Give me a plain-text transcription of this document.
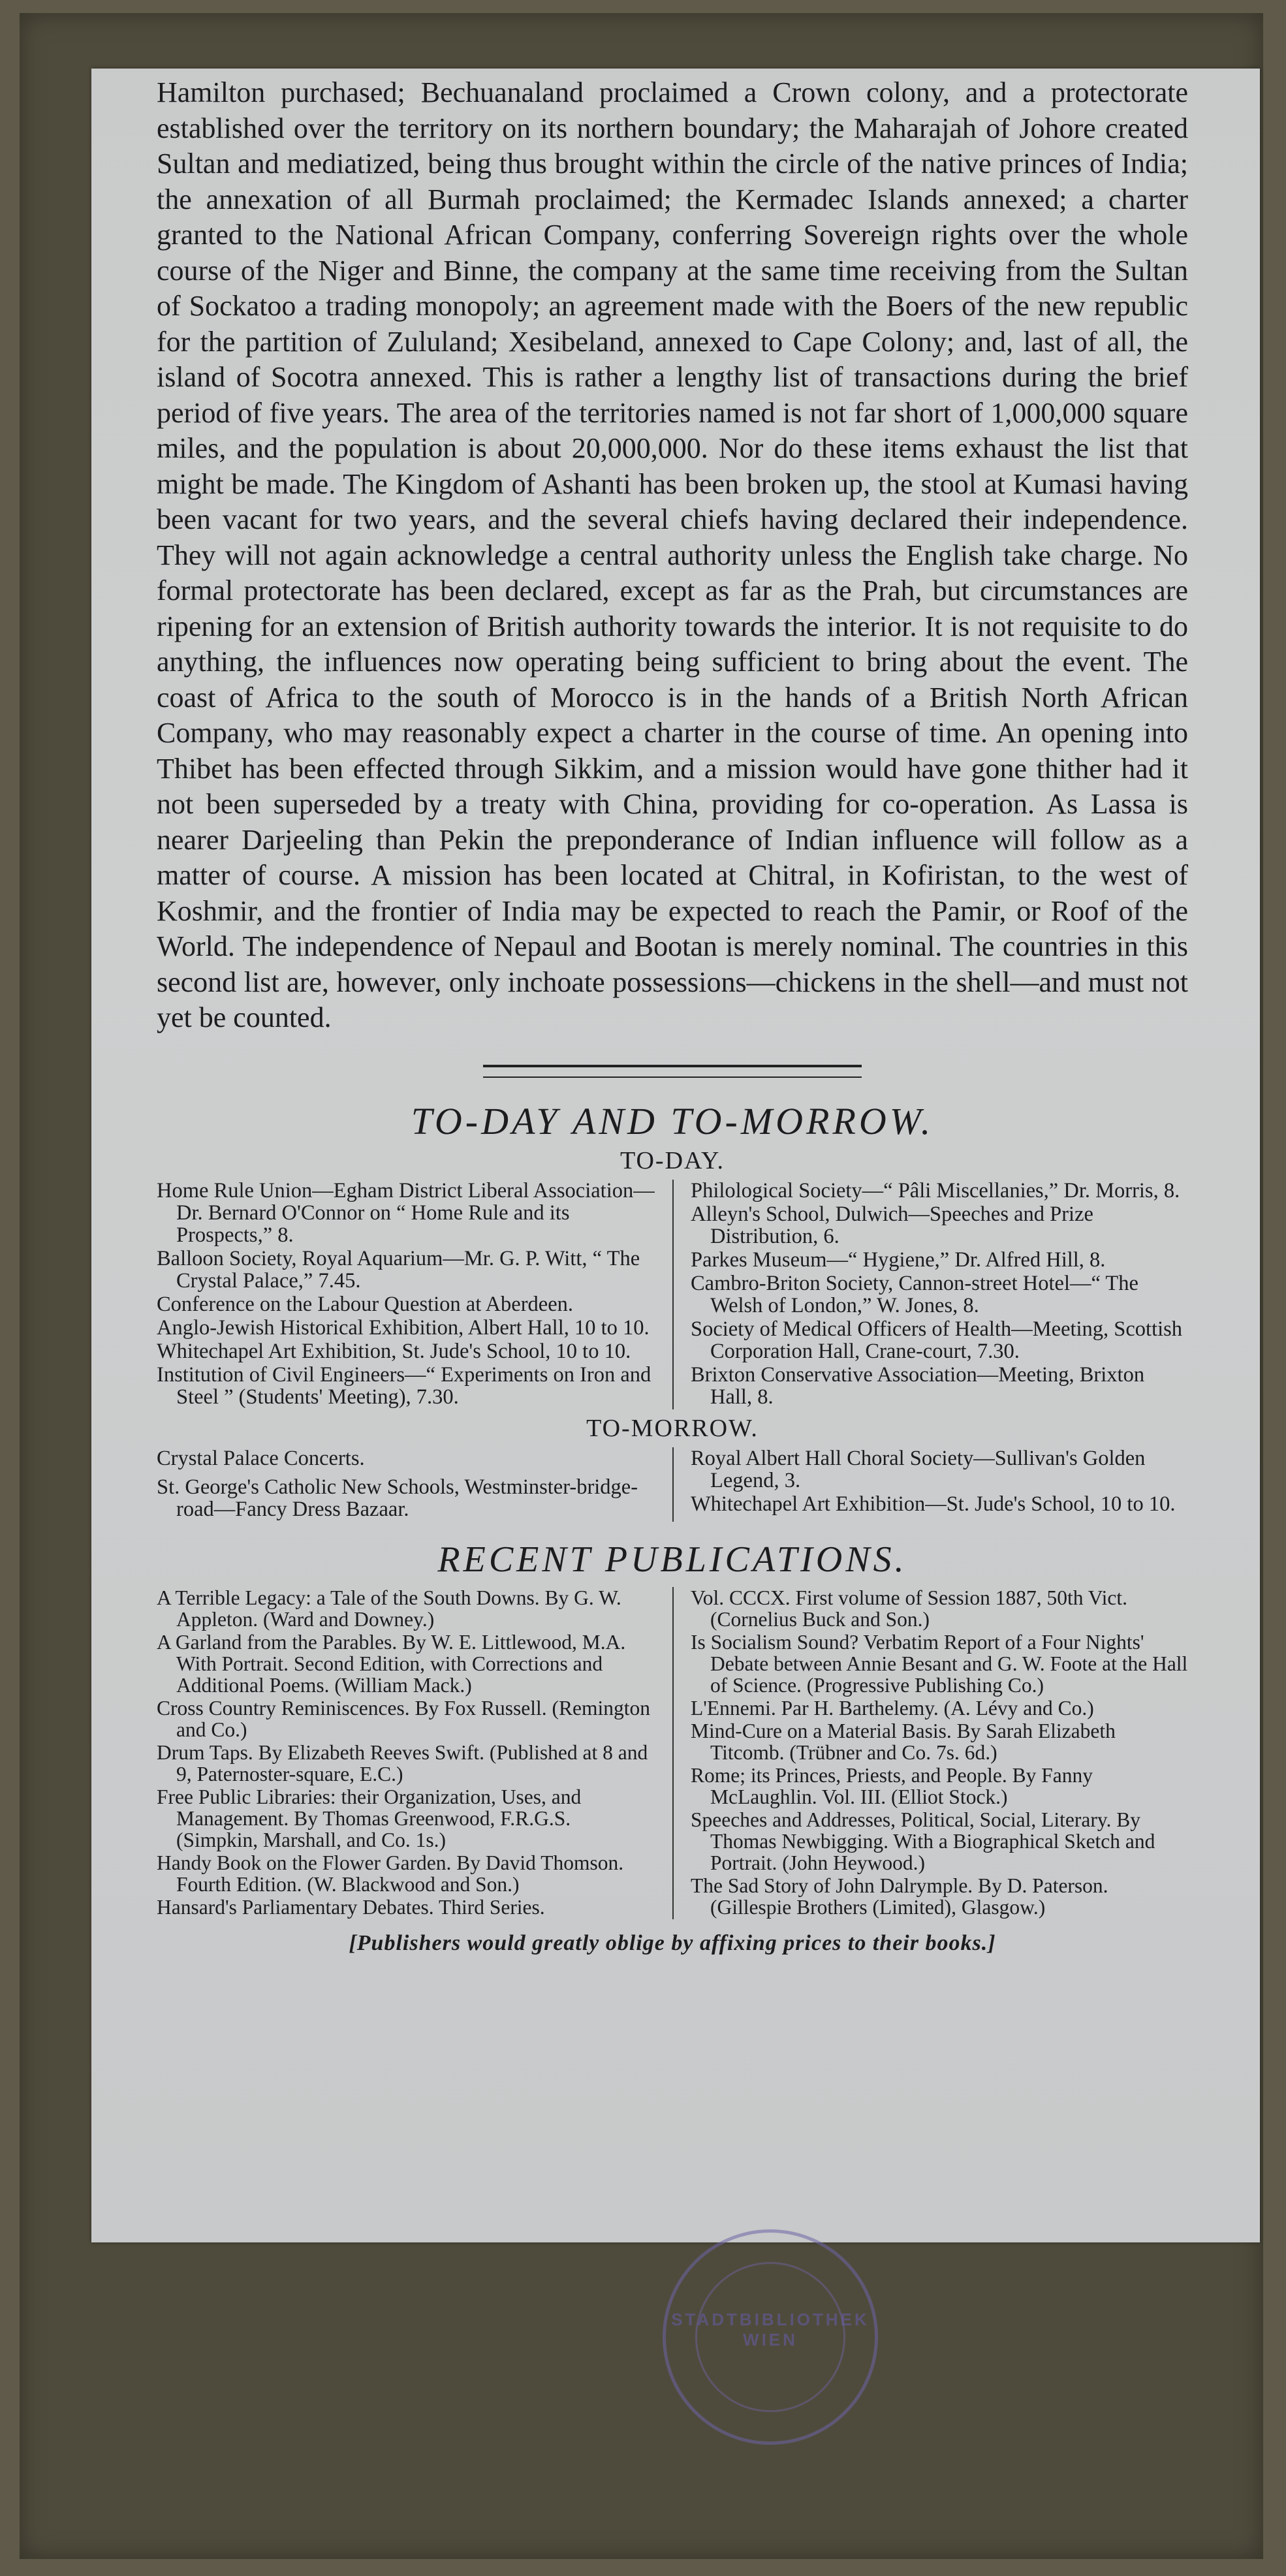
Hamilton purchased; Bechuanaland proclaimed a Crown colony, and a protectorate established over the territory on its northern boundary; the Maharajah of Johore created Sultan and mediatized, being thus brought within the circle of the native princes of India; the annexation of all Burmah proclaimed; the Kermadec Islands annexed; a charter granted to the National African Company, conferring Sovereign rights over the whole course of the Niger and Binne, the company at the same time receiving from the Sultan of Sockatoo a trading monopoly; an agreement made with the Boers of the new republic for the partition of Zululand; Xesibeland, annexed to Cape Colony; and, last of all, the island of Socotra annexed. This is rather a lengthy list of transactions during the brief period of five years. The area of the territories named is not far short of 1,000,000 square miles, and the population is about 20,000,000. Nor do these items exhaust the list that might be made. The Kingdom of Ashanti has been broken up, the stool at Kumasi having been vacant for two years, and the several chiefs having declared their independence. They will not again acknowledge a central authority unless the English take charge. No formal protectorate has been declared, except as far as the Prah, but circumstances are ripening for an extension of British authority towards the interior. It is not requisite to do anything, the influences now operating being sufficient to bring about the event. The coast of Africa to the south of Morocco is in the hands of a British North African Company, who may reasonably expect a charter in the course of time. An opening into Thibet has been effected through Sikkim, and a mission would have gone thither had it not been superseded by a treaty with China, providing for co-operation. As Lassa is nearer Darjeeling than Pekin the preponderance of Indian influence will follow as a matter of course. A mission has been located at Chitral, in Kofiristan, to the west of Koshmir, and the frontier of India may be expected to reach the Pamir, or Roof of the World. The independence of Nepaul and Bootan is merely nominal. The countries in this second list are, however, only inchoate possessions—chickens in the shell—and must not yet be counted.

TO-DAY AND TO-MORROW.
TO-DAY.

Home Rule Union—Egham District Liberal Association—Dr. Bernard O'Connor on “ Home Rule and its Prospects,” 8.

Balloon Society, Royal Aquarium—Mr. G. P. Witt, “ The Crystal Palace,” 7.45.

Conference on the Labour Question at Aberdeen.

Anglo-Jewish Historical Exhibition, Albert Hall, 10 to 10.

Whitechapel Art Exhibition, St. Jude's School, 10 to 10.

Institution of Civil Engineers—“ Experiments on Iron and Steel ” (Students' Meeting), 7.30.

Philological Society—“ Pâli Miscellanies,” Dr. Morris, 8.

Alleyn's School, Dulwich—Speeches and Prize Distribution, 6.

Parkes Museum—“ Hygiene,” Dr. Alfred Hill, 8.

Cambro-Briton Society, Cannon-street Hotel—“ The Welsh of London,” W. Jones, 8.

Society of Medical Officers of Health—Meeting, Scottish Corporation Hall, Crane-court, 7.30.

Brixton Conservative Association—Meeting, Brixton Hall, 8.

TO-MORROW.

Crystal Palace Concerts.

St. George's Catholic New Schools, Westminster-bridge-road—Fancy Dress Bazaar.

Royal Albert Hall Choral Society—Sullivan's Golden Legend, 3.

Whitechapel Art Exhibition—St. Jude's School, 10 to 10.

RECENT PUBLICATIONS.

A Terrible Legacy: a Tale of the South Downs. By G. W. Appleton. (Ward and Downey.)

A Garland from the Parables. By W. E. Littlewood, M.A. With Portrait. Second Edition, with Corrections and Additional Poems. (William Mack.)

Cross Country Reminiscences. By Fox Russell. (Remington and Co.)

Drum Taps. By Elizabeth Reeves Swift. (Published at 8 and 9, Paternoster-square, E.C.)

Free Public Libraries: their Organization, Uses, and Management. By Thomas Greenwood, F.R.G.S. (Simpkin, Marshall, and Co. 1s.)

Handy Book on the Flower Garden. By David Thomson. Fourth Edition. (W. Blackwood and Son.)

Hansard's Parliamentary Debates. Third Series.

Vol. CCCX. First volume of Session 1887, 50th Vict. (Cornelius Buck and Son.)

Is Socialism Sound? Verbatim Report of a Four Nights' Debate between Annie Besant and G. W. Foote at the Hall of Science. (Progressive Publishing Co.)

L'Ennemi. Par H. Barthelemy. (A. Lévy and Co.)

Mind-Cure on a Material Basis. By Sarah Elizabeth Titcomb. (Trübner and Co. 7s. 6d.)

Rome; its Princes, Priests, and People. By Fanny McLaughlin. Vol. III. (Elliot Stock.)

Speeches and Addresses, Political, Social, Literary. By Thomas Newbigging. With a Biographical Sketch and Portrait. (John Heywood.)

The Sad Story of John Dalrymple. By D. Paterson. (Gillespie Brothers (Limited), Glasgow.)

[Publishers would greatly oblige by affixing prices to their books.]
STADTBIBLIOTHEK WIEN
